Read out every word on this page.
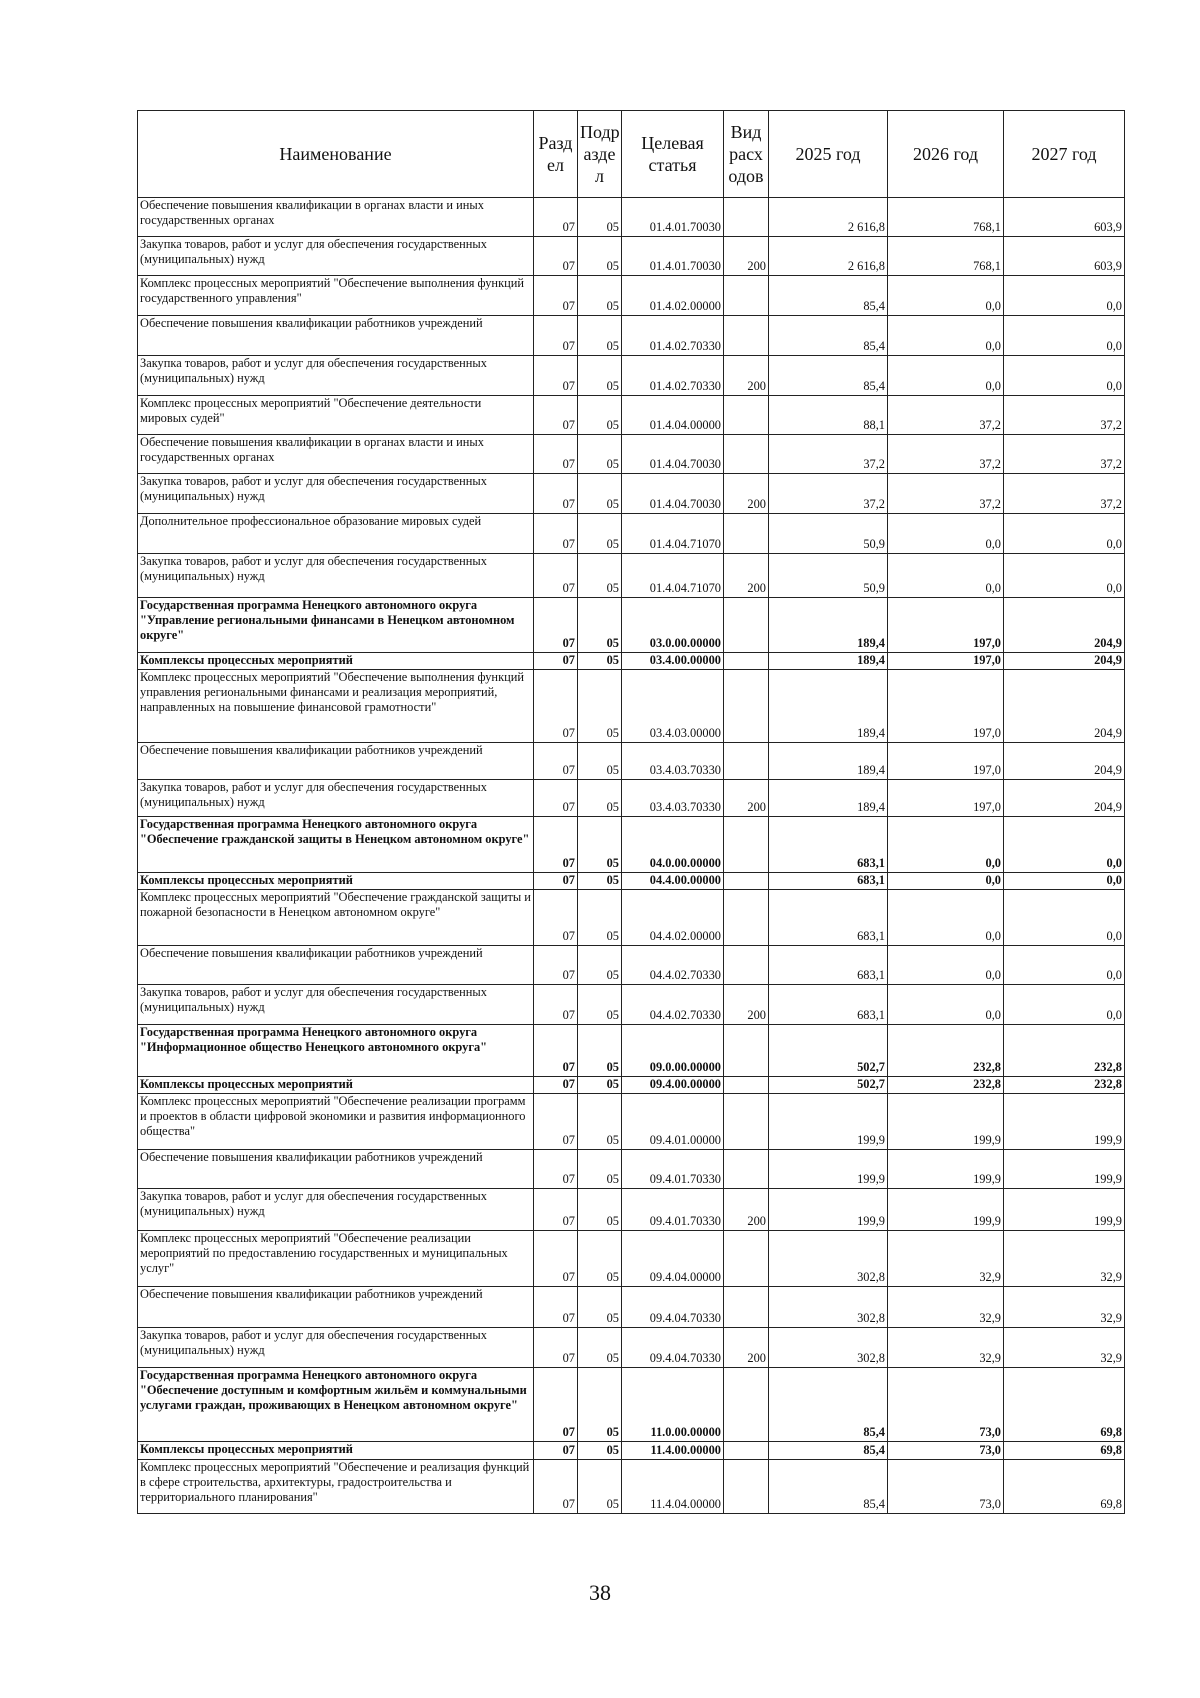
Наименование	Разд ел	Подр азде л	Целевая статья	Вид расх одов	2025 год	2026 год	2027 год
Обеспечение повышения квалификации в органах власти и иных государственных органах	07	05	01.4.01.70030		2 616,8	768,1	603,9
Закупка товаров, работ и услуг для обеспечения государственных (муниципальных) нужд	07	05	01.4.01.70030	200	2 616,8	768,1	603,9
Комплекс процессных мероприятий "Обеспечение выполнения функций государственного управления"	07	05	01.4.02.00000		85,4	0,0	0,0
Обеспечение повышения квалификации работников учреждений	07	05	01.4.02.70330		85,4	0,0	0,0
Закупка товаров, работ и услуг для обеспечения государственных (муниципальных) нужд	07	05	01.4.02.70330	200	85,4	0,0	0,0
Комплекс процессных мероприятий "Обеспечение деятельности мировых судей"	07	05	01.4.04.00000		88,1	37,2	37,2
Обеспечение повышения квалификации в органах власти и иных государственных органах	07	05	01.4.04.70030		37,2	37,2	37,2
Закупка товаров, работ и услуг для обеспечения государственных (муниципальных) нужд	07	05	01.4.04.70030	200	37,2	37,2	37,2
Дополнительное профессиональное образование мировых судей	07	05	01.4.04.71070		50,9	0,0	0,0
Закупка товаров, работ и услуг для обеспечения государственных (муниципальных) нужд	07	05	01.4.04.71070	200	50,9	0,0	0,0
Государственная программа Ненецкого автономного округа "Управление региональными финансами в Ненецком автономном округе"	07	05	03.0.00.00000		189,4	197,0	204,9
Комплексы процессных мероприятий	07	05	03.4.00.00000		189,4	197,0	204,9
Комплекс процессных мероприятий "Обеспечение выполнения функций управления региональными финансами и реализация мероприятий, направленных на повышение финансовой грамотности"	07	05	03.4.03.00000		189,4	197,0	204,9
Обеспечение повышения квалификации работников учреждений	07	05	03.4.03.70330		189,4	197,0	204,9
Закупка товаров, работ и услуг для обеспечения государственных (муниципальных) нужд	07	05	03.4.03.70330	200	189,4	197,0	204,9
Государственная программа Ненецкого автономного округа "Обеспечение гражданской защиты в Ненецком автономном округе"	07	05	04.0.00.00000		683,1	0,0	0,0
Комплексы процессных мероприятий	07	05	04.4.00.00000		683,1	0,0	0,0
Комплекс процессных мероприятий "Обеспечение гражданской защиты и пожарной безопасности в Ненецком автономном округе"	07	05	04.4.02.00000		683,1	0,0	0,0
Обеспечение повышения квалификации работников учреждений	07	05	04.4.02.70330		683,1	0,0	0,0
Закупка товаров, работ и услуг для обеспечения государственных (муниципальных) нужд	07	05	04.4.02.70330	200	683,1	0,0	0,0
Государственная программа Ненецкого автономного округа "Информационное общество Ненецкого автономного округа"	07	05	09.0.00.00000		502,7	232,8	232,8
Комплексы процессных мероприятий	07	05	09.4.00.00000		502,7	232,8	232,8
Комплекс процессных мероприятий "Обеспечение реализации программ и проектов в области цифровой экономики и развития информационного общества"	07	05	09.4.01.00000		199,9	199,9	199,9
Обеспечение повышения квалификации работников учреждений	07	05	09.4.01.70330		199,9	199,9	199,9
Закупка товаров, работ и услуг для обеспечения государственных (муниципальных) нужд	07	05	09.4.01.70330	200	199,9	199,9	199,9
Комплекс процессных мероприятий "Обеспечение реализации мероприятий по предоставлению государственных и муниципальных услуг"	07	05	09.4.04.00000		302,8	32,9	32,9
Обеспечение повышения квалификации работников учреждений	07	05	09.4.04.70330		302,8	32,9	32,9
Закупка товаров, работ и услуг для обеспечения государственных (муниципальных) нужд	07	05	09.4.04.70330	200	302,8	32,9	32,9
Государственная программа Ненецкого автономного округа "Обеспечение доступным и комфортным жильём и коммунальными услугами граждан, проживающих в Ненецком автономном округе"	07	05	11.0.00.00000		85,4	73,0	69,8
Комплексы процессных мероприятий	07	05	11.4.00.00000		85,4	73,0	69,8
Комплекс процессных мероприятий "Обеспечение и реализация функций в сфере строительства, архитектуры, градостроительства и территориального планирования"	07	05	11.4.04.00000		85,4	73,0	69,8
38
